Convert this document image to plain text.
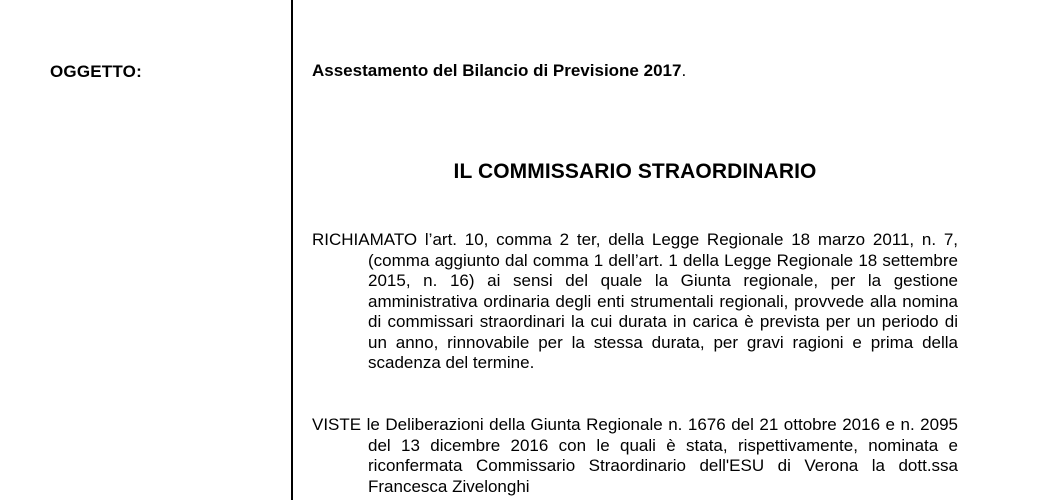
OGGETTO:	Assestamento del Bilancio di Previsione 2017.
IL COMMISSARIO STRAORDINARIO
RICHIAMATO l’art. 10, comma 2 ter, della Legge Regionale 18 marzo 2011, n. 7, (comma aggiunto dal comma 1 dell’art. 1 della Legge Regionale 18 settembre 2015, n. 16) ai sensi del quale la Giunta regionale, per la gestione amministrativa ordinaria degli enti strumentali regionali, provvede alla nomina di commissari straordinari la cui durata in carica è prevista per un periodo di un anno, rinnovabile per la stessa durata, per gravi ragioni e prima della scadenza del termine.
VISTE le Deliberazioni della Giunta Regionale n. 1676 del 21 ottobre 2016 e n. 2095 del 13 dicembre 2016 con le quali è stata, rispettivamente, nominata e riconfermata Commissario Straordinario dell'ESU di Verona la dott.ssa Francesca Zivelonghi
